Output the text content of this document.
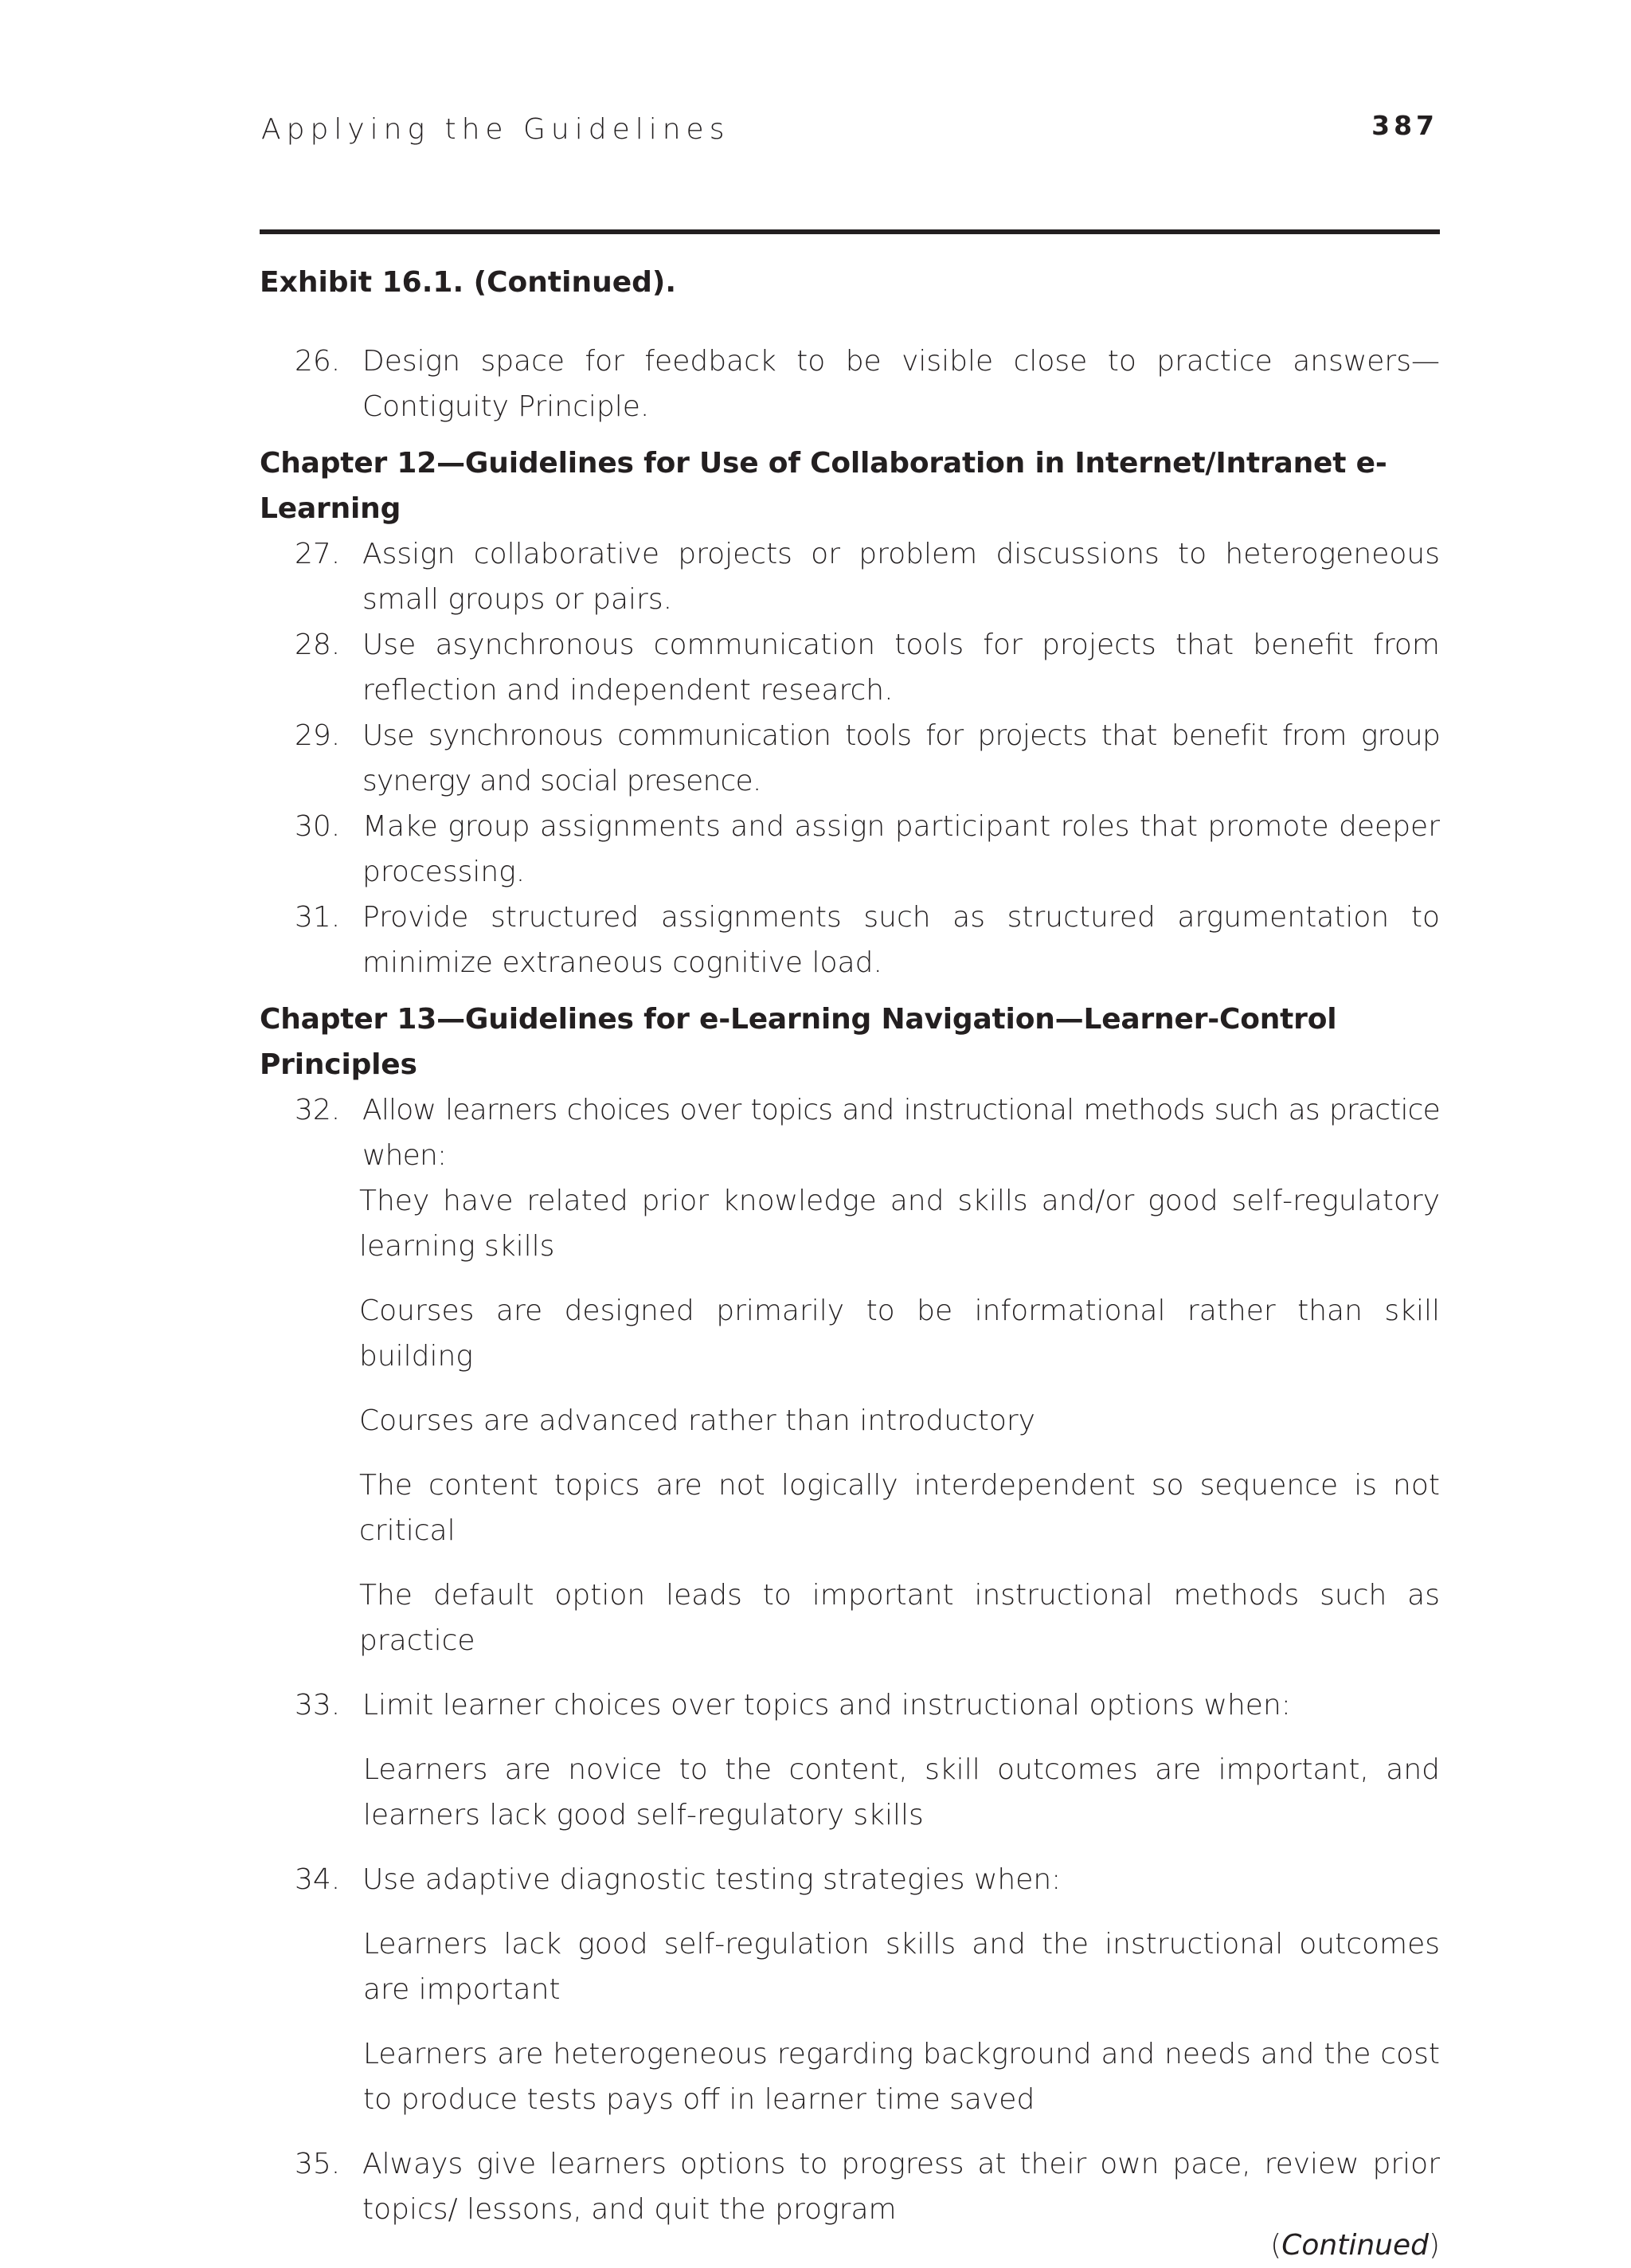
Applying the Guidelines	387
Exhibit 16.1. (Continued).
26. Design space for feedback to be visible close to practice answers—Contiguity Principle.
Chapter 12—Guidelines for Use of Collaboration in Internet/Intranet e-Learning
27. Assign collaborative projects or problem discussions to heterogeneous small groups or pairs.
28. Use asynchronous communication tools for projects that benefit from reflection and independent research.
29. Use synchronous communication tools for projects that benefit from group synergy and social presence.
30. Make group assignments and assign participant roles that promote deeper processing.
31. Provide structured assignments such as structured argumentation to minimize extraneous cognitive load.
Chapter 13—Guidelines for e-Learning Navigation—Learner-Control Principles
32. Allow learners choices over topics and instructional methods such as practice when:
They have related prior knowledge and skills and/or good self-regulatory learning skills
Courses are designed primarily to be informational rather than skill building
Courses are advanced rather than introductory
The content topics are not logically interdependent so sequence is not critical
The default option leads to important instructional methods such as practice
33. Limit learner choices over topics and instructional options when:
Learners are novice to the content, skill outcomes are important, and learners lack good self-regulatory skills
34. Use adaptive diagnostic testing strategies when:
Learners lack good self-regulation skills and the instructional outcomes are important
Learners are heterogeneous regarding background and needs and the cost to produce tests pays off in learner time saved
35. Always give learners options to progress at their own pace, review prior topics/ lessons, and quit the program
(Continued)
